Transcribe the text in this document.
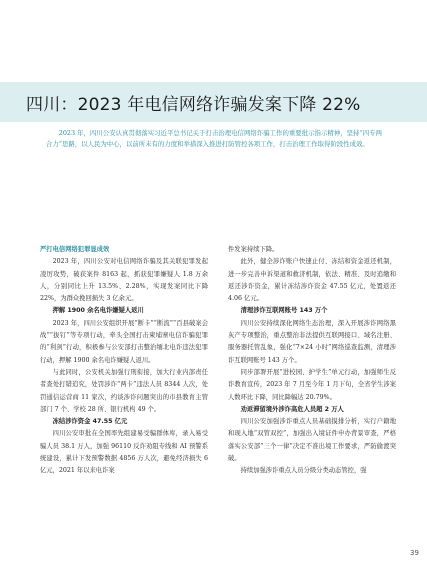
四川：2023 年电信网络诈骗发案下降 22%
2023 年，四川公安认真贯彻落实习近平总书记关于打击治理电信网络诈骗工作的重要批示指示精神，坚持“四专两合力”思路，以人民为中心，以前所未有的力度和举措深入推进打防管控各项工作，打击治理工作取得阶段性成效。

严打电信网络犯罪显成效

2023 年，四川公安对电信网络诈骗及其关联犯罪发起凌厉攻势，破获案件 8163 起，抓获犯罪嫌疑人 1.8 万余人，分别同比上升 13.5%、2.28%，实现发案同比下降 22%，为群众挽回损失 3 亿余元。

押解 1900 余名电诈嫌疑人返川

2023 年，四川公安组织开展“断卡”“断流”“百县破案会战”“拔钉”等专项行动，牵头全国打击柬埔寨电信诈骗犯罪的“利剑”行动，积极参与公安部打击整治缅北电诈违法犯罪行动，押解 1900 余名电诈嫌疑人返川。

与此同时，公安机关加强行刑衔接，加大行业内部责任者查处打错追究，处罚涉诈“两卡”违法人员 8344 人次，处罚通信运营商 11 家次，约谈涉诈问题突出的市县教育主管部门 7 个、学校 28 所、银行机构 49 个。

冻结涉诈资金 47.55 亿元

四川公安审批在全国率先组建易受骗群体库，录入易受骗人员 38.1 万人，加强 96110 反诈劝阻专线和 AI 预警系统建设，累计下发预警数据 4856 万人次，避免经济损失 6 亿元，2021 年以来电诈案

件发案持续下降。

此外，健全涉诈账户快速止付、冻结和资金返还机制，进一步完善申诉渠道和救济机制，依法、精准、及时追缴和返还涉诈资金，累计冻结涉诈资金 47.55 亿元，处置返还 4.06 亿元。

清理涉诈互联网账号 143 万个

四川公安持续深化网络生态治理，深入开展涉诈网络黑灰产专项整治，重点整治非法提供互联网接口、域名注册、服务器托管乱象，强化“7×24 小时”网络巡查监测，清理涉诈互联网账号 143 万个。

同步部署开展“进校园、护学生”单元行动，加强师生反诈教育宣传，2023 年 7 月至今年 1 月下旬，全省学生涉案人数环比下降，同比降幅达 20.79%。

劝返滞留境外涉诈高危人员超 2 万人

四川公安加强涉诈重点人员基础摸排分析，实行户籍地和现入地“双管双控”，加强出入境证件申办背景审查，严格落实公安部“三个一律”决定不准出境工作要求，严防偷渡突破。

持续加强涉诈重点人员分级分类动态管控，强

39
